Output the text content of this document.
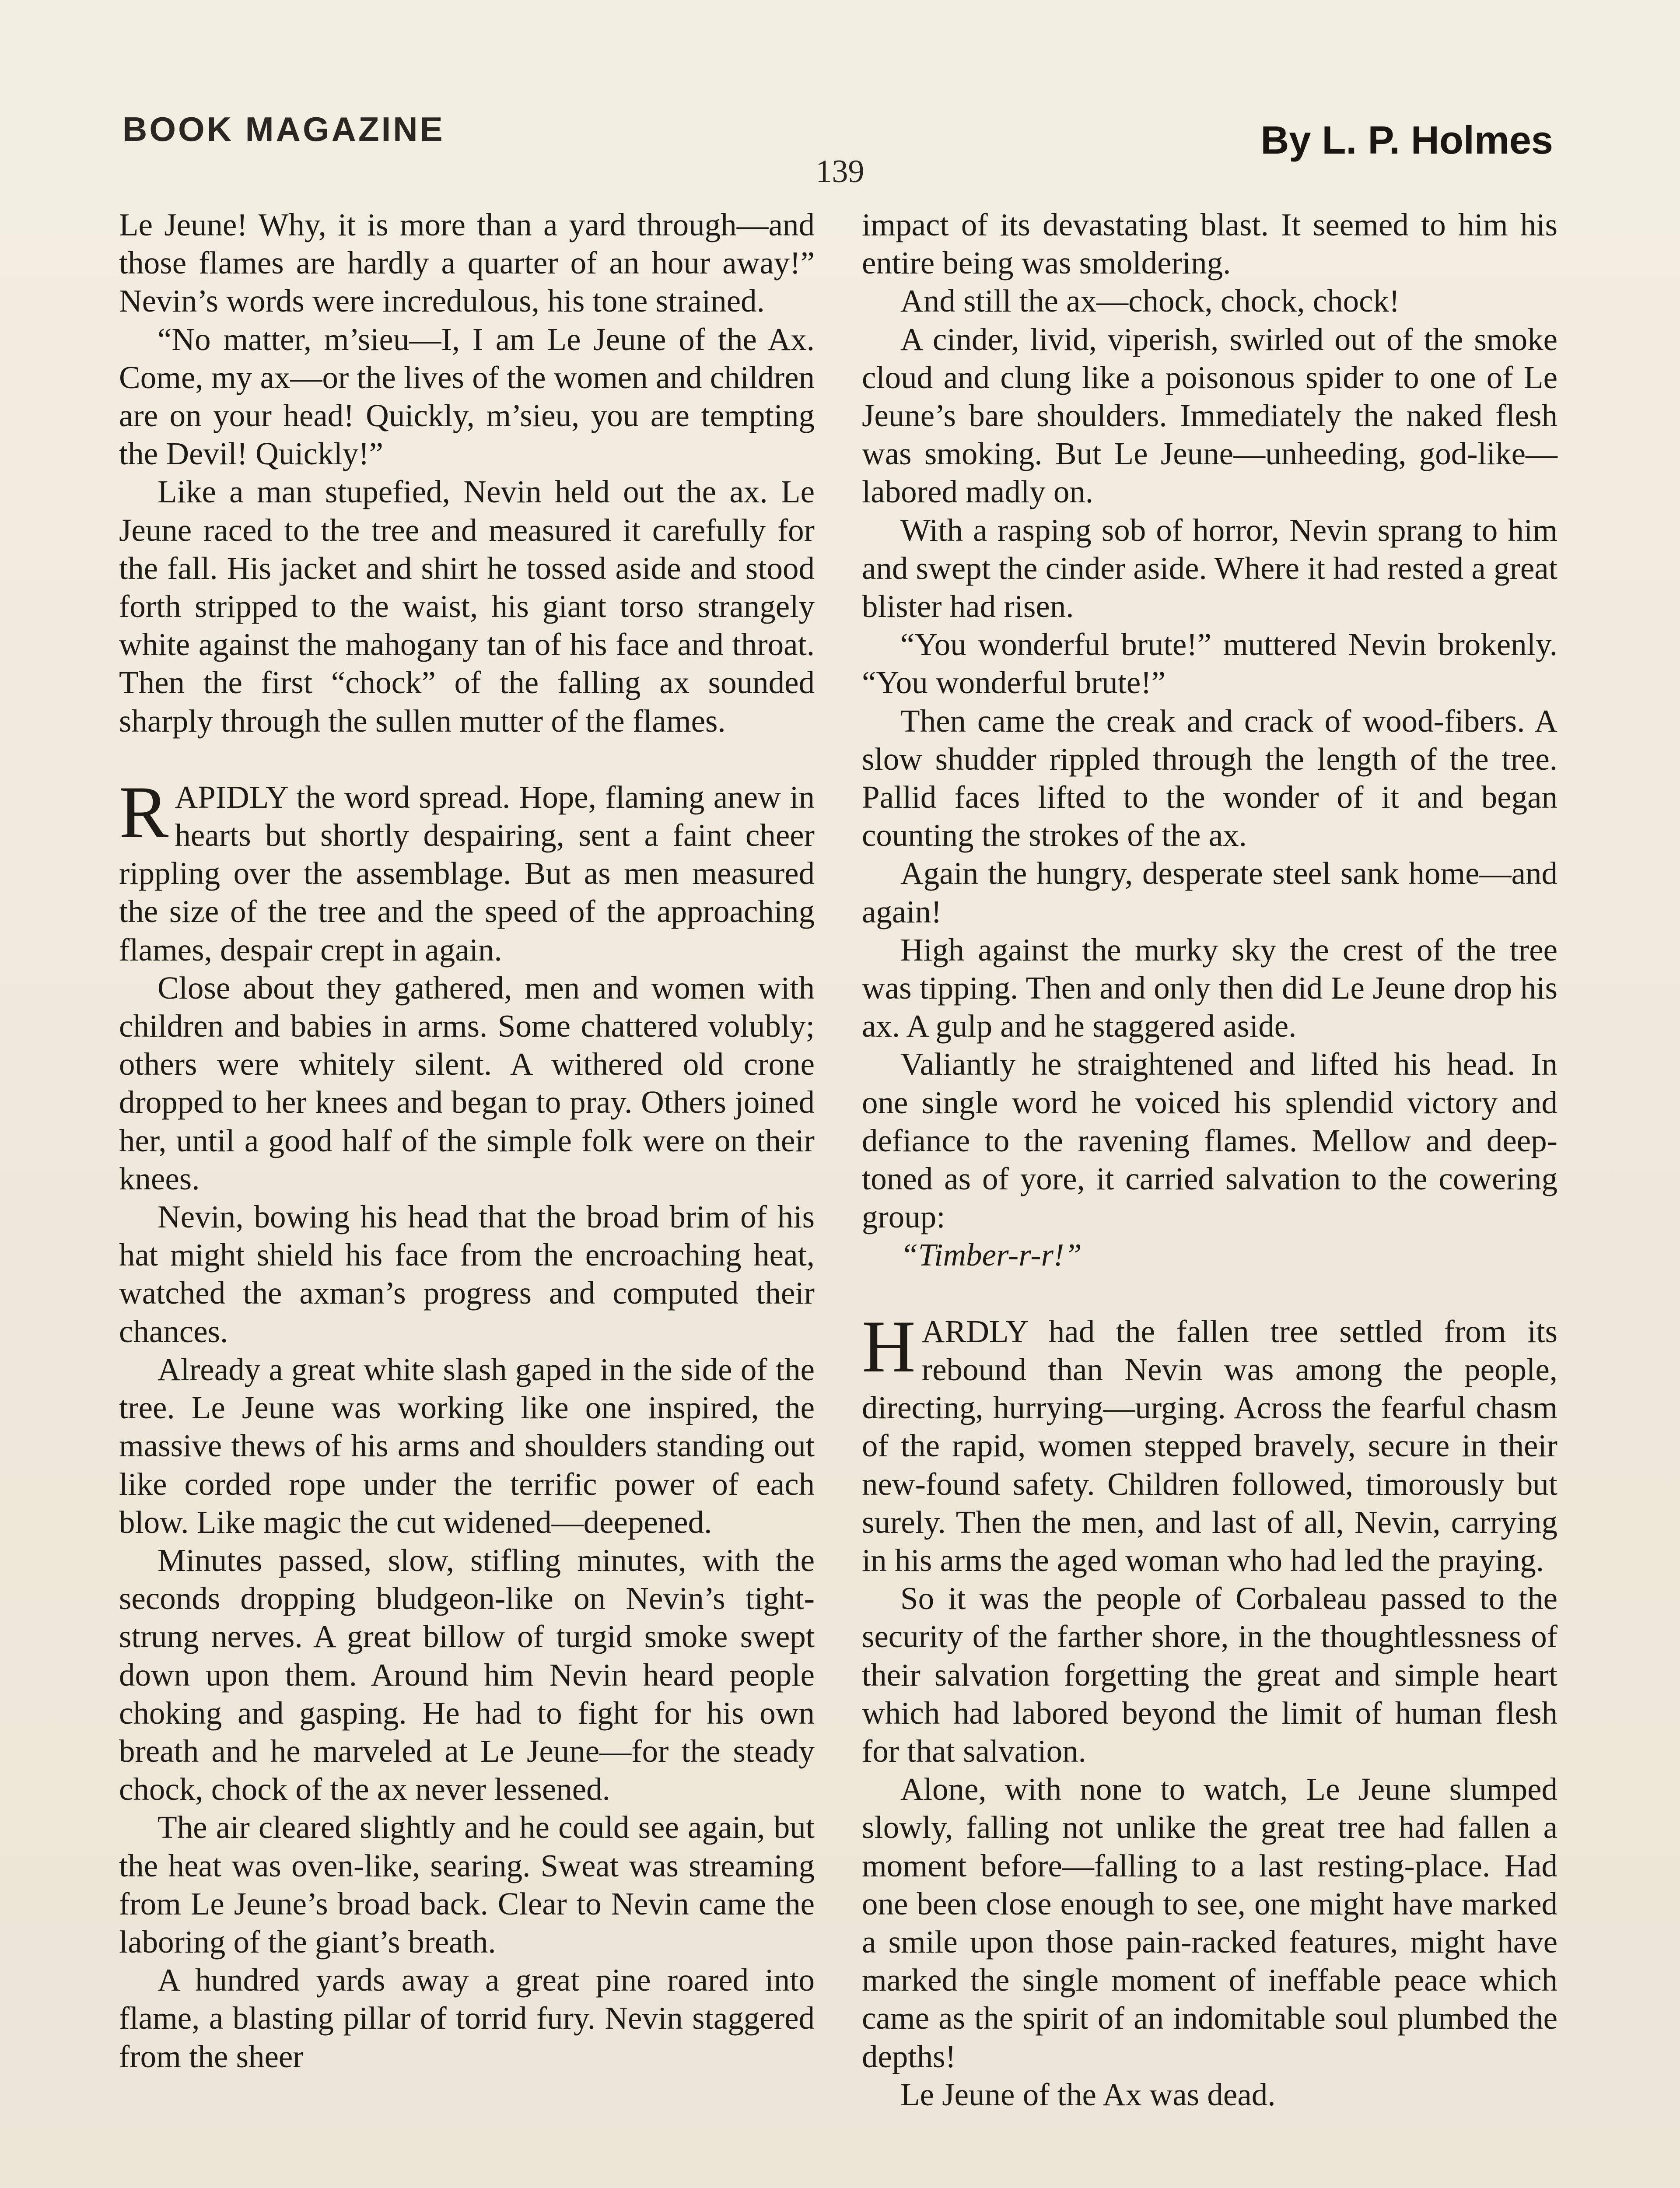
BOOK MAGAZINE	By L. P. Holmes
139

Le Jeune! Why, it is more than a yard through—and those flames are hardly a quarter of an hour away!” Nevin’s words were incredulous, his tone strained.

“No matter, m’sieu—I, I am Le Jeune of the Ax. Come, my ax—or the lives of the women and children are on your head! Quickly, m’sieu, you are tempting the Devil! Quickly!”

Like a man stupefied, Nevin held out the ax. Le Jeune raced to the tree and measured it carefully for the fall. His jacket and shirt he tossed aside and stood forth stripped to the waist, his giant torso strangely white against the mahogany tan of his face and throat. Then the first “chock” of the falling ax sounded sharply through the sullen mutter of the flames.

RAPIDLY the word spread. Hope, flaming anew in hearts but shortly despairing, sent a faint cheer rippling over the assemblage. But as men measured the size of the tree and the speed of the approaching flames, despair crept in again.

Close about they gathered, men and women with children and babies in arms. Some chattered volubly; others were whitely silent. A withered old crone dropped to her knees and began to pray. Others joined her, until a good half of the simple folk were on their knees.

Nevin, bowing his head that the broad brim of his hat might shield his face from the encroaching heat, watched the axman’s progress and computed their chances.

Already a great white slash gaped in the side of the tree. Le Jeune was working like one inspired, the massive thews of his arms and shoulders standing out like corded rope under the terrific power of each blow. Like magic the cut widened—deepened.

Minutes passed, slow, stifling minutes, with the seconds dropping bludgeon-like on Nevin’s tight-strung nerves. A great billow of turgid smoke swept down upon them. Around him Nevin heard people choking and gasping. He had to fight for his own breath and he marveled at Le Jeune—for the steady chock, chock of the ax never lessened.

The air cleared slightly and he could see again, but the heat was oven-like, searing. Sweat was streaming from Le Jeune’s broad back. Clear to Nevin came the laboring of the giant’s breath.

A hundred yards away a great pine roared into flame, a blasting pillar of torrid fury. Nevin staggered from the sheer

impact of its devastating blast. It seemed to him his entire being was smoldering.

And still the ax—chock, chock, chock!

A cinder, livid, viperish, swirled out of the smoke cloud and clung like a poisonous spider to one of Le Jeune’s bare shoulders. Immediately the naked flesh was smoking. But Le Jeune—unheeding, god-like—labored madly on.

With a rasping sob of horror, Nevin sprang to him and swept the cinder aside. Where it had rested a great blister had risen.

“You wonderful brute!” muttered Nevin brokenly. “You wonderful brute!”

Then came the creak and crack of wood-fibers. A slow shudder rippled through the length of the tree. Pallid faces lifted to the wonder of it and began counting the strokes of the ax.

Again the hungry, desperate steel sank home—and again!

High against the murky sky the crest of the tree was tipping. Then and only then did Le Jeune drop his ax. A gulp and he staggered aside.

Valiantly he straightened and lifted his head. In one single word he voiced his splendid victory and defiance to the ravening flames. Mellow and deep-toned as of yore, it carried salvation to the cowering group:

“Timber-r-r!”

HARDLY had the fallen tree settled from its rebound than Nevin was among the people, directing, hurrying—urging. Across the fearful chasm of the rapid, women stepped bravely, secure in their new-found safety. Children followed, timorously but surely. Then the men, and last of all, Nevin, carrying in his arms the aged woman who had led the praying.

So it was the people of Corbaleau passed to the security of the farther shore, in the thoughtlessness of their salvation forgetting the great and simple heart which had labored beyond the limit of human flesh for that salvation.

Alone, with none to watch, Le Jeune slumped slowly, falling not unlike the great tree had fallen a moment before—falling to a last resting-place. Had one been close enough to see, one might have marked a smile upon those pain-racked features, might have marked the single moment of ineffable peace which came as the spirit of an indomitable soul plumbed the depths!

Le Jeune of the Ax was dead.
